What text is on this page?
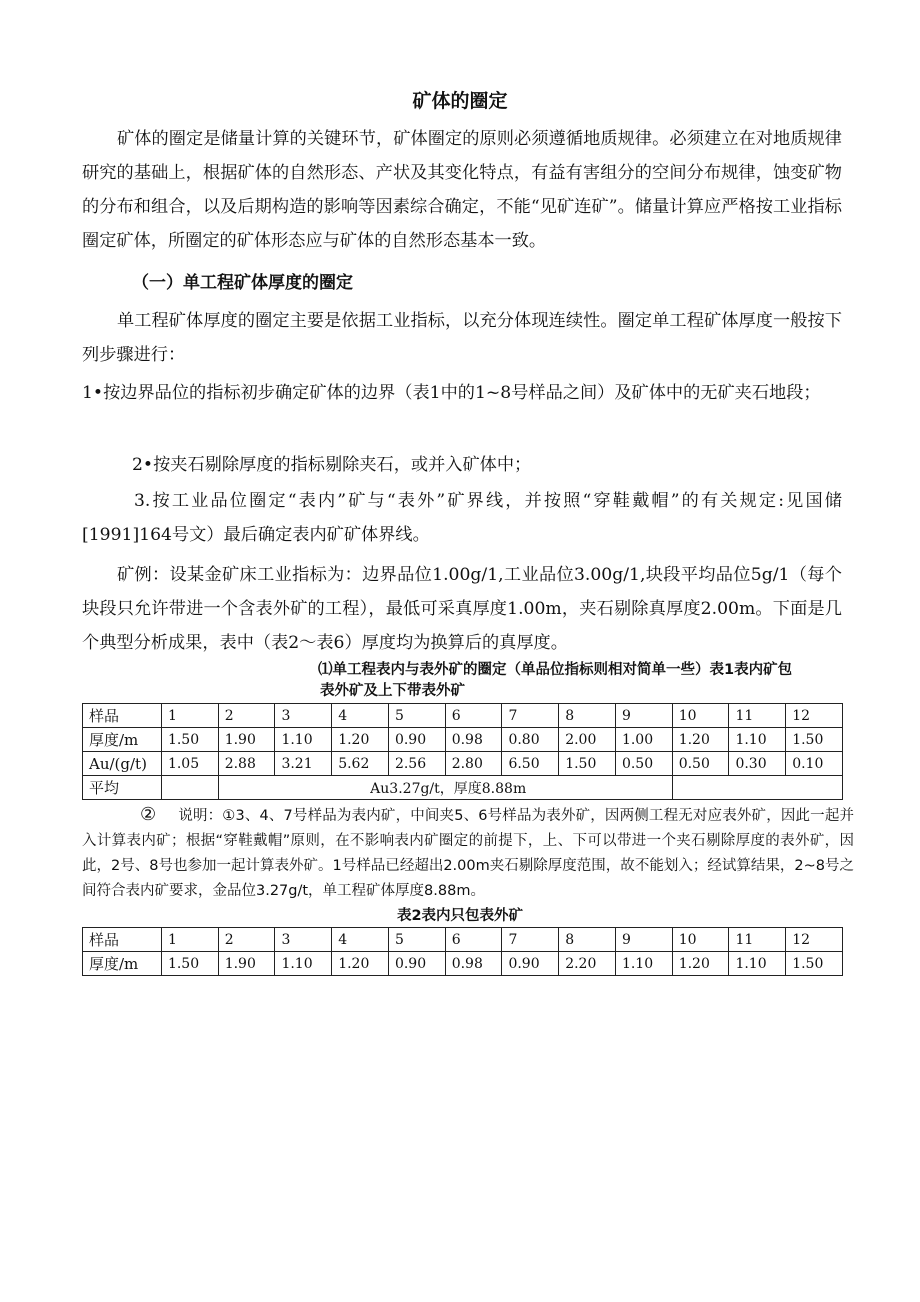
矿体的圈定

矿体的圈定是储量计算的关键环节，矿体圈定的原则必须遵循地质规律。必须建立在对地质规律研究的基础上，根据矿体的自然形态、产状及其变化特点，有益有害组分的空间分布规律，蚀变矿物的分布和组合，以及后期构造的影响等因素综合确定，不能“见矿连矿”。储量计算应严格按工业指标圈定矿体，所圈定的矿体形态应与矿体的自然形态基本一致。

（一）单工程矿体厚度的圈定

单工程矿体厚度的圈定主要是依据工业指标，以充分体现连续性。圈定单工程矿体厚度一般按下列步骤进行：

1•按边界品位的指标初步确定矿体的边界（表1中的1~8号样品之间）及矿体中的无矿夹石地段；

2•按夹石剔除厚度的指标剔除夹石，或并入矿体中；

3.按工业品位圈定“表内”矿与“表外”矿界线，并按照“穿鞋戴帽”的有关规定:见国储[1991]164号文）最后确定表内矿矿体界线。

矿例：设某金矿床工业指标为：边界品位1.00g/1,工业品位3.00g/1,块段平均品位5g/1（每个块段只允许带进一个含表外矿的工程），最低可采真厚度1.00m，夹石剔除真厚度2.00m。下面是几个典型分析成果，表中（表2～表6）厚度均为换算后的真厚度。

⑴单工程表内与表外矿的圈定（单品位指标则相对简单一些）表1表内矿包
表外矿及上下带表外矿
样品	1	2	3	4	5	6	7	8	9	10	11	12
厚度/m	1.50	1.90	1.10	1.20	0.90	0.98	0.80	2.00	1.00	1.20	1.10	1.50
Au/(g/t)	1.05	2.88	3.21	5.62	2.56	2.80	6.50	1.50	0.50	0.50	0.30	0.10
平均		Au3.27g/t，厚度8.88m										

② 说明：①3、4、7号样品为表内矿，中间夹5、6号样品为表外矿，因两侧工程无对应表外矿，因此一起并入计算表内矿；根据“穿鞋戴帽”原则，在不影响表内矿圈定的前提下，上、下可以带进一个夹石剔除厚度的表外矿，因此，2号、8号也参加一起计算表外矿。1号样品已经超出2.00m夹石剔除厚度范围，故不能划入；经试算结果，2~8号之间符合表内矿要求，金品位3.27g/t，单工程矿体厚度8.88m。

表2表内只包表外矿
样品	1	2	3	4	5	6	7	8	9	10	11	12
厚度/m	1.50	1.90	1.10	1.20	0.90	0.98	0.90	2.20	1.10	1.20	1.10	1.50
